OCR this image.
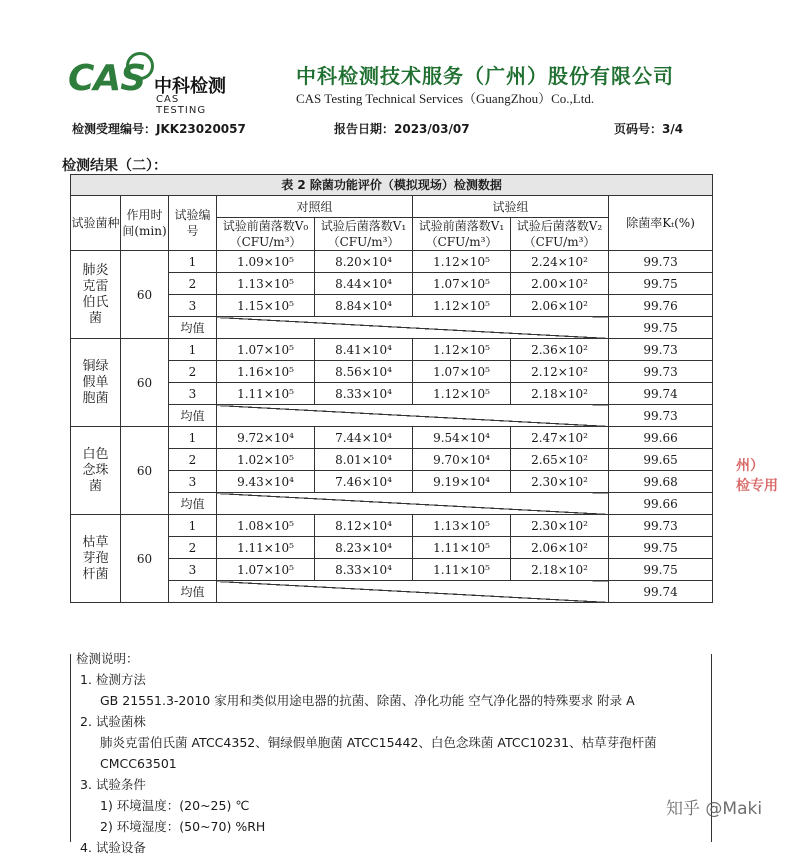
CAS 中科检测
CAS TESTING
中科检测技术服务（广州）股份有限公司
CAS Testing Technical Services（GuangZhou）Co.,Ltd.
检测受理编号：JKK23020057	报告日期：2023/03/07	页码号：3/4
检测结果（二）：
表 2 除菌功能评价（模拟现场）检测数据							
试验菌种	作用时间(min)	试验编号	对照组		试验组		除菌率Kₜ(%)
			试验前菌落数V₀（CFU/m³）	试验后菌落数V₁（CFU/m³）	试验前菌落数V₁（CFU/m³）	试验后菌落数V₂（CFU/m³）	
肺炎克雷伯氏菌	60	1	1.09×10⁵	8.20×10⁴	1.12×10⁵	2.24×10²	99.73
		2	1.13×10⁵	8.44×10⁴	1.07×10⁵	2.00×10²	99.75
		3	1.15×10⁵	8.84×10⁴	1.12×10⁵	2.06×10²	99.76
		均值					99.75
铜绿假单胞菌	60	1	1.07×10⁵	8.41×10⁴	1.12×10⁵	2.36×10²	99.73
		2	1.16×10⁵	8.56×10⁴	1.07×10⁵	2.12×10²	99.73
		3	1.11×10⁵	8.33×10⁴	1.12×10⁵	2.18×10²	99.74
		均值					99.73
白色念珠菌	60	1	9.72×10⁴	7.44×10⁴	9.54×10⁴	2.47×10²	99.66
		2	1.02×10⁵	8.01×10⁴	9.70×10⁴	2.65×10²	99.65
		3	9.43×10⁴	7.46×10⁴	9.19×10⁴	2.30×10²	99.68
		均值					99.66
枯草芽孢杆菌	60	1	1.08×10⁵	8.12×10⁴	1.13×10⁵	2.30×10²	99.73
		2	1.11×10⁵	8.23×10⁴	1.11×10⁵	2.06×10²	99.75
		3	1.07×10⁵	8.33×10⁴	1.11×10⁵	2.18×10²	99.75
		均值					99.74
检测说明：
1. 检测方法
GB 21551.3-2010 家用和类似用途电器的抗菌、除菌、净化功能 空气净化器的特殊要求 附录 A
2. 试验菌株
肺炎克雷伯氏菌 ATCC4352、铜绿假单胞菌 ATCC15442、白色念珠菌 ATCC10231、枯草芽孢杆菌
CMCC63501
3. 试验条件
1) 环境温度：(20~25) ℃
2) 环境湿度：(50~70) %RH
4. 试验设备
州）
检专用
知乎 @Maki
